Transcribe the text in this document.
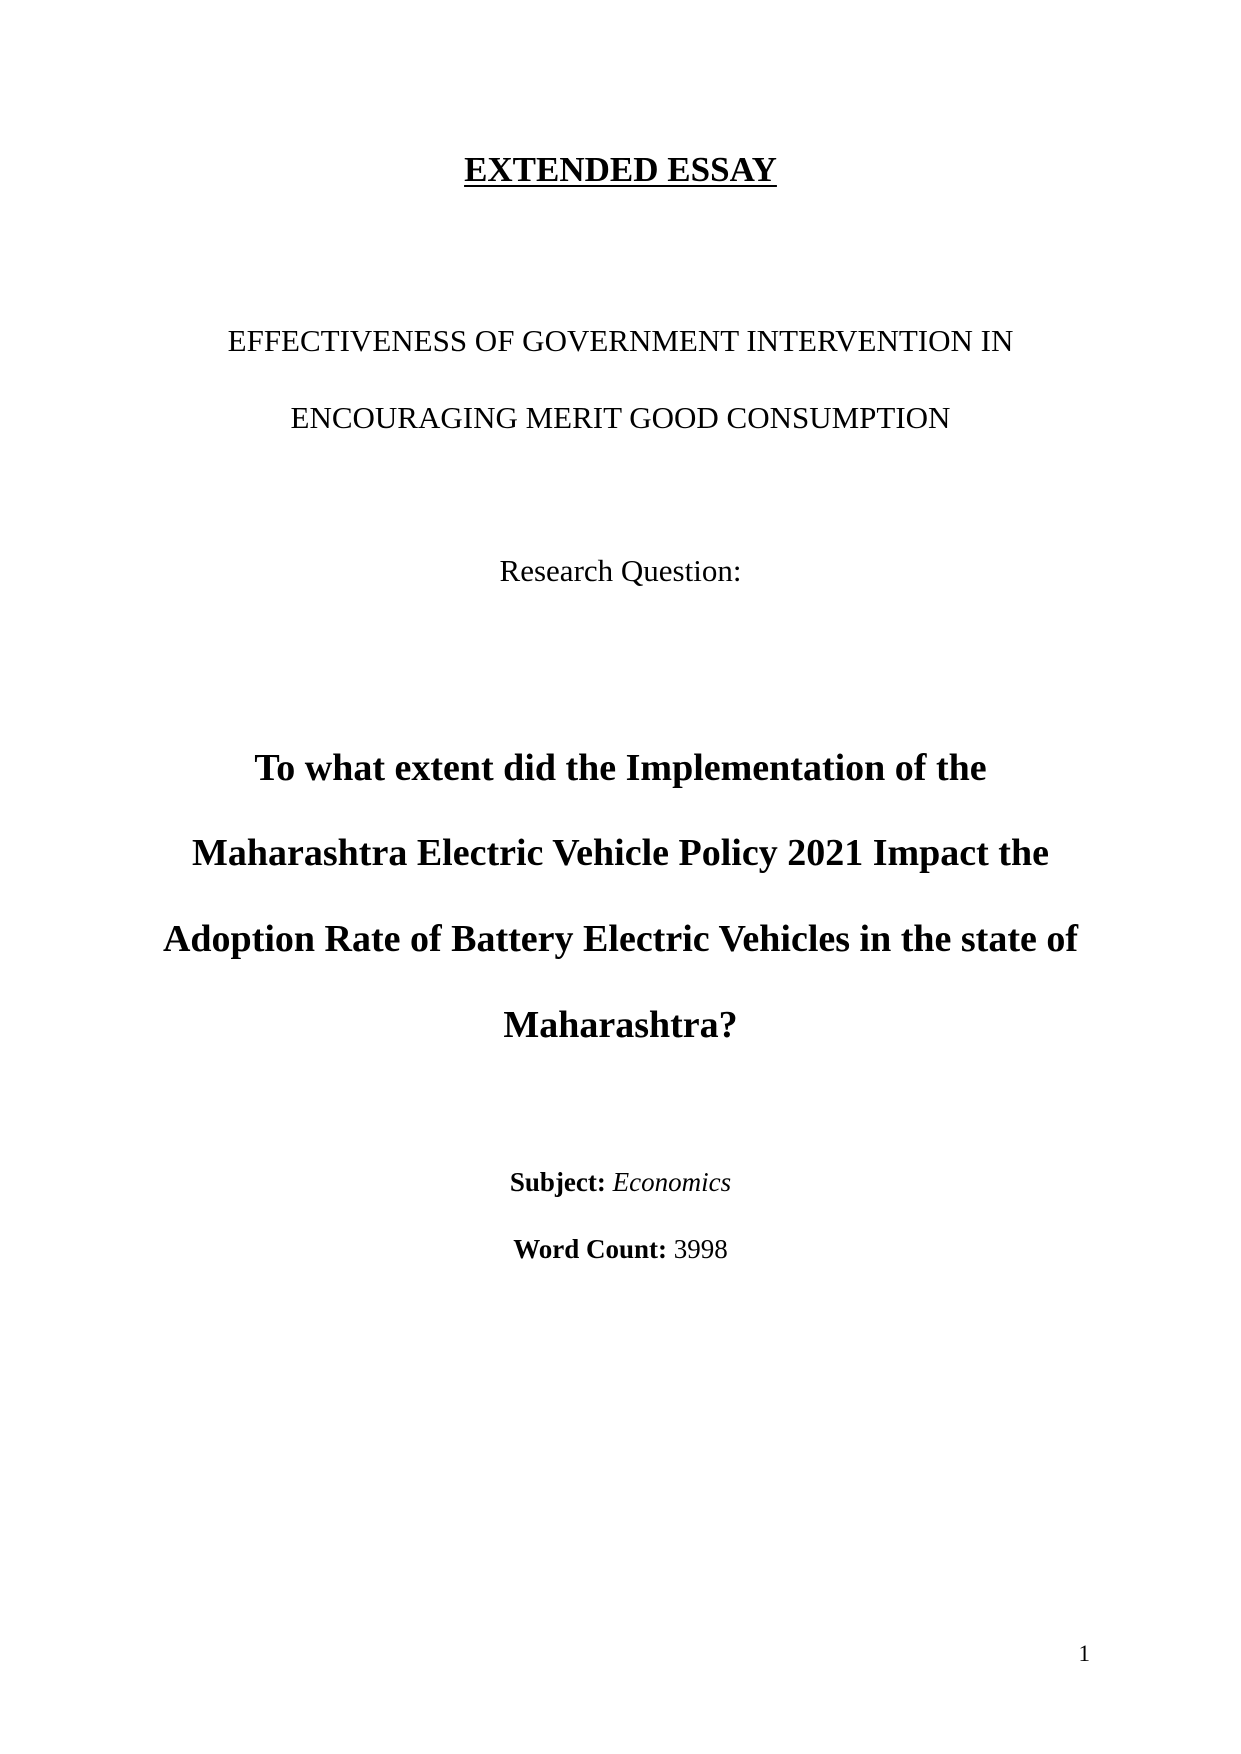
EXTENDED ESSAY
EFFECTIVENESS OF GOVERNMENT INTERVENTION IN
ENCOURAGING MERIT GOOD CONSUMPTION
Research Question:
To what extent did the Implementation of the
Maharashtra Electric Vehicle Policy 2021 Impact the
Adoption Rate of Battery Electric Vehicles in the state of
Maharashtra?
Subject: Economics
Word Count: 3998
1
